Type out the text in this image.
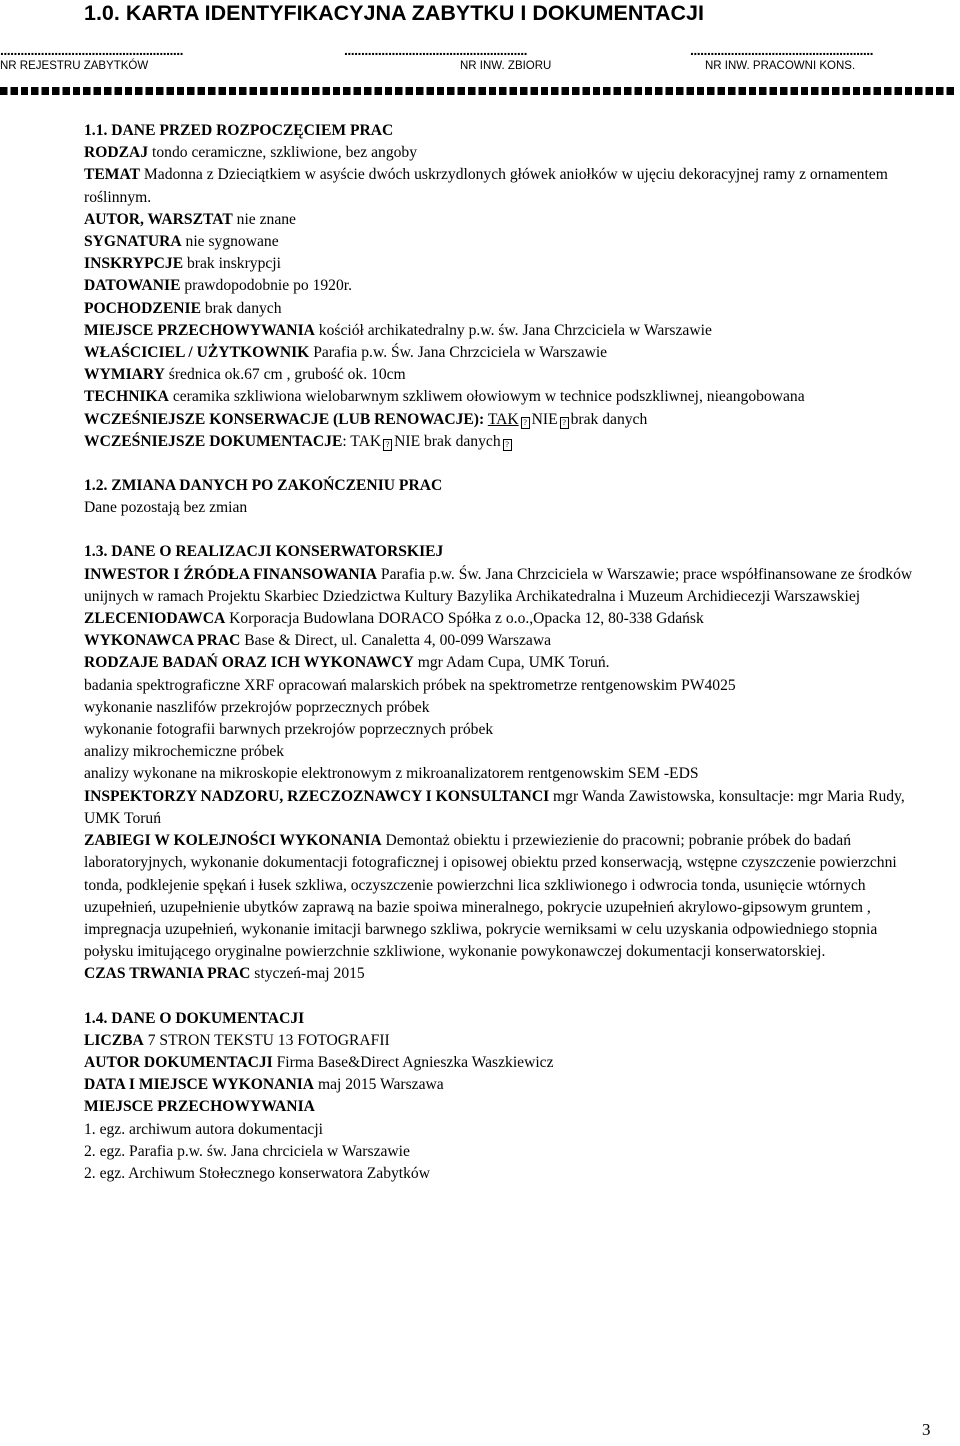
1.0. KARTA IDENTYFIKACYJNA ZABYTKU I DOKUMENTACJI
......................................................
NR REJESTRU ZABYTKÓW
......................................................
NR INW. ZBIORU
......................................................
NR INW. PRACOWNI KONS.

1.1. DANE PRZED ROZPOCZĘCIEM PRAC

RODZAJ tondo ceramiczne, szkliwione, bez angoby

TEMAT Madonna z Dzieciątkiem w asyście dwóch uskrzydlonych główek aniołków w ujęciu dekoracyjnej ramy z ornamentem roślinnym.

AUTOR, WARSZTAT nie znane

SYGNATURA nie sygnowane

INSKRYPCJE brak inskrypcji

DATOWANIE prawdopodobnie po 1920r.

POCHODZENIE brak danych

MIEJSCE PRZECHOWYWANIA kościół archikatedralny p.w. św. Jana Chrzciciela w Warszawie

WŁAŚCICIEL / UŻYTKOWNIK Parafia p.w. Św. Jana Chrzciciela w Warszawie

WYMIARY średnica ok.67 cm , grubość ok. 10cm

TECHNIKA ceramika szkliwiona wielobarwnym szkliwem ołowiowym w technice podszkliwnej, nieangobowana

WCZEŚNIEJSZE KONSERWACJE (LUB RENOWACJE): TAK ? NIE ? brak danych

WCZEŚNIEJSZE DOKUMENTACJE: TAK ? NIE brak danych ?

1.2. ZMIANA DANYCH PO ZAKOŃCZENIU PRAC

Dane pozostają bez zmian

1.3. DANE O REALIZACJI KONSERWATORSKIEJ

INWESTOR I ŹRÓDŁA FINANSOWANIA Parafia p.w. Św. Jana Chrzciciela w Warszawie; prace współfinansowane ze środków unijnych w ramach Projektu Skarbiec Dziedzictwa Kultury Bazylika Archikatedralna i Muzeum Archidiecezji Warszawskiej

ZLECENIODAWCA Korporacja Budowlana DORACO Spółka z o.o.,Opacka 12, 80-338 Gdańsk

WYKONAWCA PRAC Base & Direct, ul. Canaletta 4, 00-099 Warszawa

RODZAJE BADAŃ ORAZ ICH WYKONAWCY mgr Adam Cupa, UMK Toruń.

badania spektrograficzne XRF opracowań malarskich próbek na spektrometrze rentgenowskim PW4025

wykonanie naszlifów przekrojów poprzecznych próbek

wykonanie fotografii barwnych przekrojów poprzecznych próbek

analizy mikrochemiczne próbek

analizy wykonane na mikroskopie elektronowym z mikroanalizatorem rentgenowskim SEM -EDS

INSPEKTORZY NADZORU, RZECZOZNAWCY I KONSULTANCI mgr Wanda Zawistowska, konsultacje: mgr Maria Rudy, UMK Toruń

ZABIEGI W KOLEJNOŚCI WYKONANIA Demontaż obiektu i przewiezienie do pracowni; pobranie próbek do badań laboratoryjnych, wykonanie dokumentacji fotograficznej i opisowej obiektu przed konserwacją, wstępne czyszczenie powierzchni tonda, podklejenie spękań i łusek szkliwa, oczyszczenie powierzchni lica szkliwionego i odwrocia tonda, usunięcie wtórnych uzupełnień, uzupełnienie ubytków zaprawą na bazie spoiwa mineralnego, pokrycie uzupełnień akrylowo-gipsowym gruntem , impregnacja uzupełnień, wykonanie imitacji barwnego szkliwa, pokrycie werniksami w celu uzyskania odpowiedniego stopnia połysku imitującego oryginalne powierzchnie szkliwione, wykonanie powykonawczej dokumentacji konserwatorskiej.

CZAS TRWANIA PRAC styczeń-maj 2015

1.4. DANE O DOKUMENTACJI

LICZBA 7 STRON TEKSTU 13 FOTOGRAFII

AUTOR DOKUMENTACJI Firma Base&Direct Agnieszka Waszkiewicz

DATA I MIEJSCE WYKONANIA maj 2015 Warszawa

MIEJSCE PRZECHOWYWANIA

1. egz. archiwum autora dokumentacji

2. egz. Parafia p.w. św. Jana chrciciela w Warszawie

2. egz. Archiwum Stołecznego konserwatora Zabytków

3
